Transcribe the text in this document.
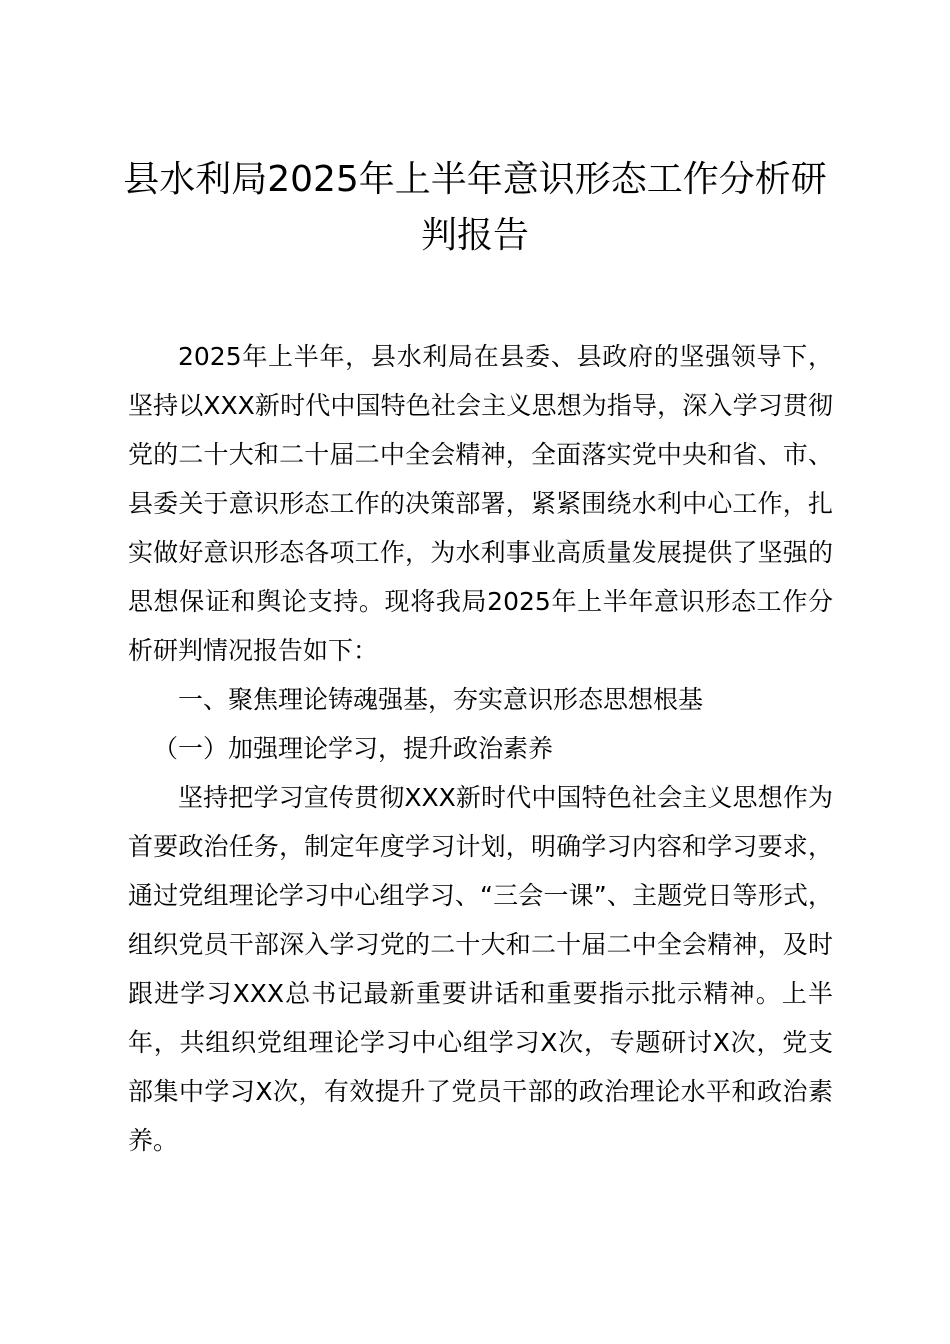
县水利局2025年上半年意识形态工作分析研
判报告

2025年上半年，县水利局在县委、县政府的坚强领导下，坚持以XXX新时代中国特色社会主义思想为指导，深入学习贯彻党的二十大和二十届二中全会精神，全面落实党中央和省、市、县委关于意识形态工作的决策部署，紧紧围绕水利中心工作，扎实做好意识形态各项工作，为水利事业高质量发展提供了坚强的思想保证和舆论支持。现将我局2025年上半年意识形态工作分析研判情况报告如下：

一、聚焦理论铸魂强基，夯实意识形态思想根基

（一）加强理论学习，提升政治素养

坚持把学习宣传贯彻XXX新时代中国特色社会主义思想作为首要政治任务，制定年度学习计划，明确学习内容和学习要求，通过党组理论学习中心组学习、“三会一课”、主题党日等形式，组织党员干部深入学习党的二十大和二十届二中全会精神，及时跟进学习XXX总书记最新重要讲话和重要指示批示精神。上半年，共组织党组理论学习中心组学习X次，专题研讨X次，党支部集中学习X次，有效提升了党员干部的政治理论水平和政治素养。
